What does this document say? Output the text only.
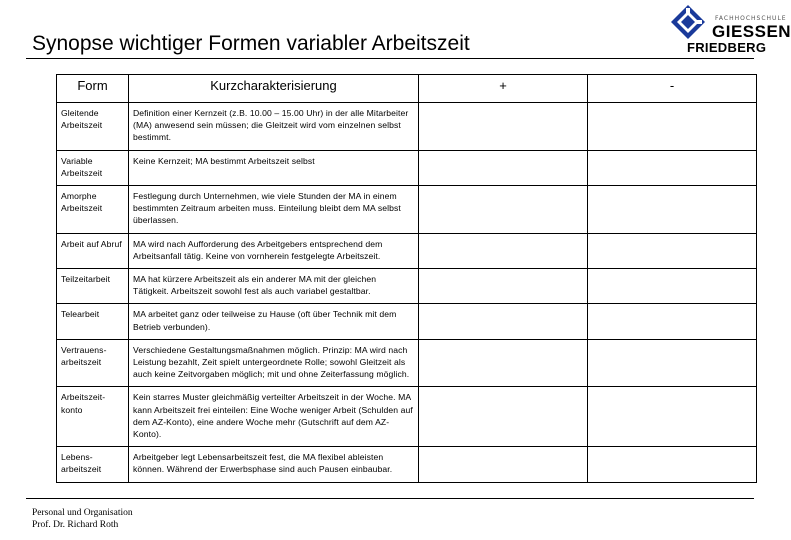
Synopse wichtiger Formen variabler Arbeitszeit
FACHHOCHSCHULE
GIESSEN
FRIEDBERG
Form	Kurzcharakterisierung	+	-
Gleitende Arbeitszeit	Definition einer Kernzeit (z.B. 10.00 – 15.00 Uhr) in der alle Mitarbeiter (MA) anwesend sein müssen; die Gleitzeit wird vom einzelnen selbst bestimmt.		
Variable Arbeitszeit	Keine Kernzeit; MA bestimmt Arbeitszeit selbst		
Amorphe Arbeitszeit	Festlegung durch Unternehmen, wie viele Stunden der MA in einem bestimmten Zeitraum arbeiten muss. Einteilung bleibt dem MA selbst überlassen.		
Arbeit auf Abruf	MA wird nach Aufforderung des Arbeitgebers entsprechend dem Arbeitsanfall tätig. Keine von vornherein festgelegte Arbeitszeit.		
Teilzeitarbeit	MA hat kürzere Arbeitszeit als ein anderer MA mit der gleichen Tätigkeit. Arbeitszeit sowohl fest als auch variabel gestaltbar.		
Telearbeit	MA arbeitet ganz oder teilweise zu Hause (oft über Technik mit dem Betrieb verbunden).		
Vertrauens-arbeitszeit	Verschiedene Gestaltungsmaßnahmen möglich. Prinzip: MA wird nach Leistung bezahlt, Zeit spielt untergeordnete Rolle; sowohl Gleitzeit als auch keine Zeitvorgaben möglich; mit und ohne Zeiterfassung möglich.		
Arbeitszeit-konto	Kein starres Muster gleichmäßig verteilter Arbeitszeit in der Woche. MA kann Arbeitszeit frei einteilen: Eine Woche weniger Arbeit (Schulden auf dem AZ-Konto), eine andere Woche mehr (Gutschrift auf dem AZ-Konto).		
Lebens-arbeitszeit	Arbeitgeber legt Lebensarbeitszeit fest, die MA flexibel ableisten können. Während der Erwerbsphase sind auch Pausen einbaubar.		
Personal und Organisation
Prof. Dr. Richard Roth
